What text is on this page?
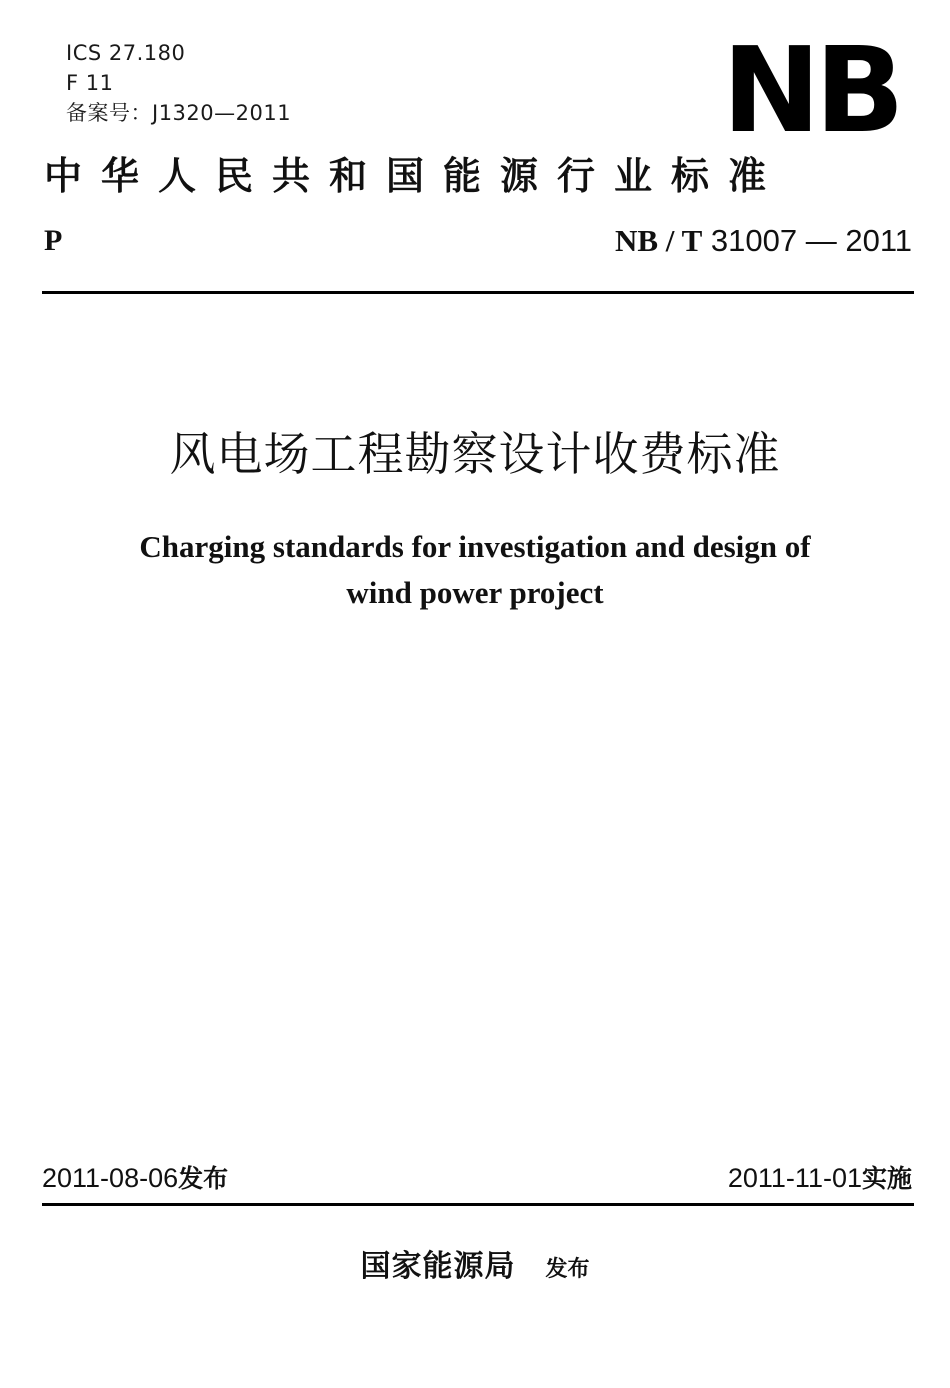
ICS 27.180
F 11
备案号：J1320—2011	NB
中华人民共和国能源行业标准
P	NB / T 31007 — 2011
风电场工程勘察设计收费标准
Charging standards for investigation and design of
wind power project
2011-08-06发布	2011-11-01实施
国家能源局 发布
